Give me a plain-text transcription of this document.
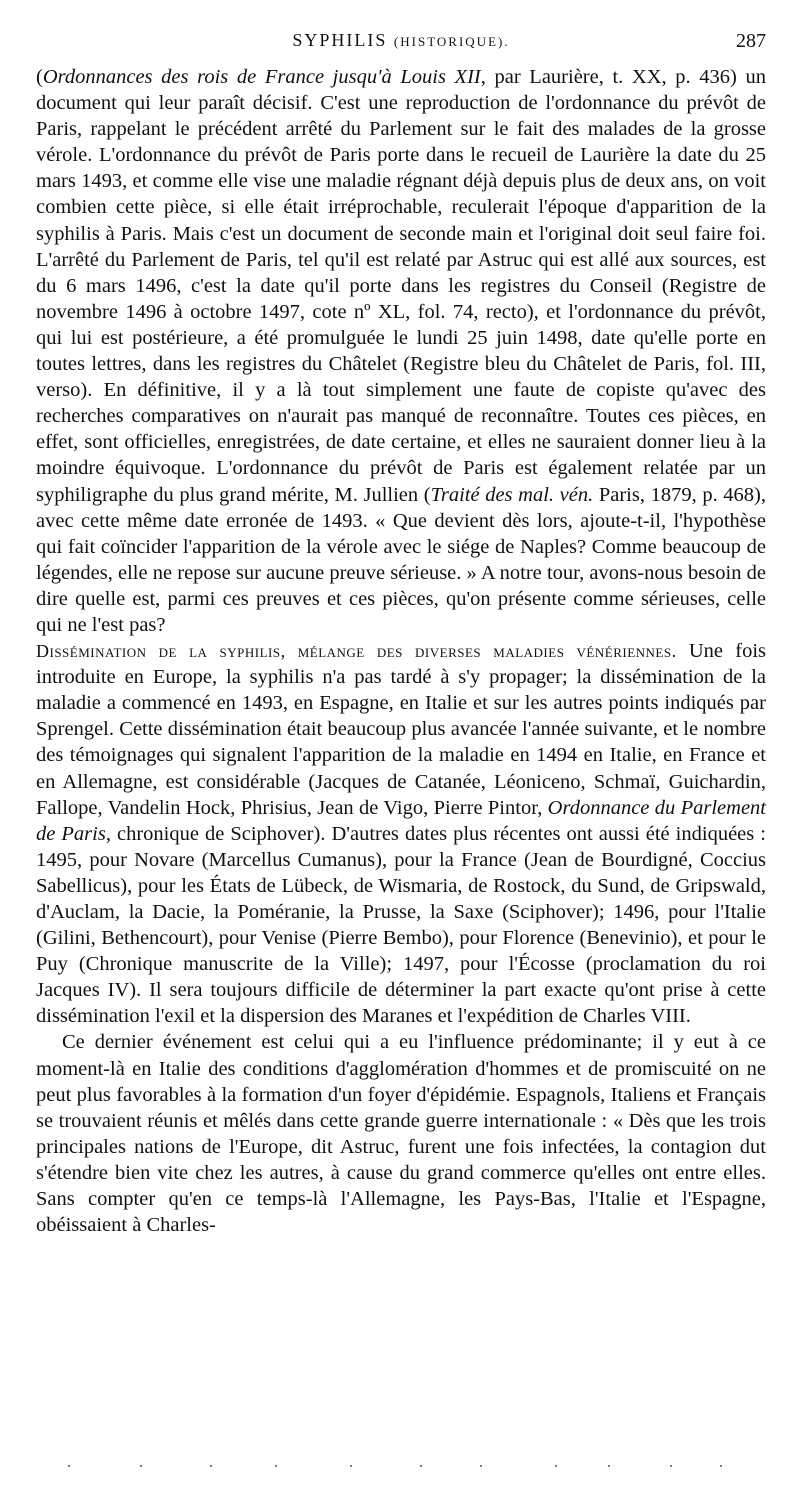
SYPHILIS (HISTORIQUE).	287

(Ordonnances des rois de France jusqu'à Louis XII, par Laurière, t. XX, p. 436) un document qui leur paraît décisif. C'est une reproduction de l'ordonnance du prévôt de Paris, rappelant le précédent arrêté du Parlement sur le fait des malades de la grosse vérole. L'ordonnance du prévôt de Paris porte dans le recueil de Laurière la date du 25 mars 1493, et comme elle vise une maladie régnant déjà depuis plus de deux ans, on voit combien cette pièce, si elle était irréprochable, reculerait l'époque d'apparition de la syphilis à Paris. Mais c'est un document de seconde main et l'original doit seul faire foi. L'arrêté du Parlement de Paris, tel qu'il est relaté par Astruc qui est allé aux sources, est du 6 mars 1496, c'est la date qu'il porte dans les registres du Conseil (Registre de novembre 1496 à octobre 1497, cote nº XL, fol. 74, recto), et l'ordonnance du prévôt, qui lui est postérieure, a été promulguée le lundi 25 juin 1498, date qu'elle porte en toutes lettres, dans les registres du Châtelet (Registre bleu du Châtelet de Paris, fol. III, verso). En définitive, il y a là tout simplement une faute de copiste qu'avec des recherches comparatives on n'aurait pas manqué de reconnaître. Toutes ces pièces, en effet, sont officielles, enregistrées, de date certaine, et elles ne sauraient donner lieu à la moindre équivoque. L'ordonnance du prévôt de Paris est également relatée par un syphiligraphe du plus grand mérite, M. Jullien (Traité des mal. vén. Paris, 1879, p. 468), avec cette même date erronée de 1493. « Que devient dès lors, ajoute-t-il, l'hypothèse qui fait coïncider l'apparition de la vérole avec le siége de Naples? Comme beaucoup de légendes, elle ne repose sur aucune preuve sérieuse. » A notre tour, avons-nous besoin de dire quelle est, parmi ces preuves et ces pièces, qu'on présente comme sérieuses, celle qui ne l'est pas?

Dissémination de la syphilis, mélange des diverses maladies vénériennes. Une fois introduite en Europe, la syphilis n'a pas tardé à s'y propager; la dissémination de la maladie a commencé en 1493, en Espagne, en Italie et sur les autres points indiqués par Sprengel. Cette dissémination était beaucoup plus avancée l'année suivante, et le nombre des témoignages qui signalent l'apparition de la maladie en 1494 en Italie, en France et en Allemagne, est considérable (Jacques de Catanée, Léoniceno, Schmaï, Guichardin, Fallope, Vandelin Hock, Phrisius, Jean de Vigo, Pierre Pintor, Ordonnance du Parlement de Paris, chronique de Sciphover). D'autres dates plus récentes ont aussi été indiquées : 1495, pour Novare (Marcellus Cumanus), pour la France (Jean de Bourdigné, Coccius Sabellicus), pour les États de Lübeck, de Wismaria, de Rostock, du Sund, de Gripswald, d'Auclam, la Dacie, la Poméranie, la Prusse, la Saxe (Sciphover); 1496, pour l'Italie (Gilini, Bethencourt), pour Venise (Pierre Bembo), pour Florence (Benevinio), et pour le Puy (Chronique manuscrite de la Ville); 1497, pour l'Écosse (proclamation du roi Jacques IV). Il sera toujours difficile de déterminer la part exacte qu'ont prise à cette dissémination l'exil et la dispersion des Maranes et l'expédition de Charles VIII.

Ce dernier événement est celui qui a eu l'influence prédominante; il y eut à ce moment-là en Italie des conditions d'agglomération d'hommes et de promiscuité on ne peut plus favorables à la formation d'un foyer d'épidémie. Espagnols, Italiens et Français se trouvaient réunis et mêlés dans cette grande guerre internationale : « Dès que les trois principales nations de l'Europe, dit Astruc, furent une fois infectées, la contagion dut s'étendre bien vite chez les autres, à cause du grand commerce qu'elles ont entre elles. Sans compter qu'en ce temps-là l'Allemagne, les Pays-Bas, l'Italie et l'Espagne, obéissaient à Charles-
